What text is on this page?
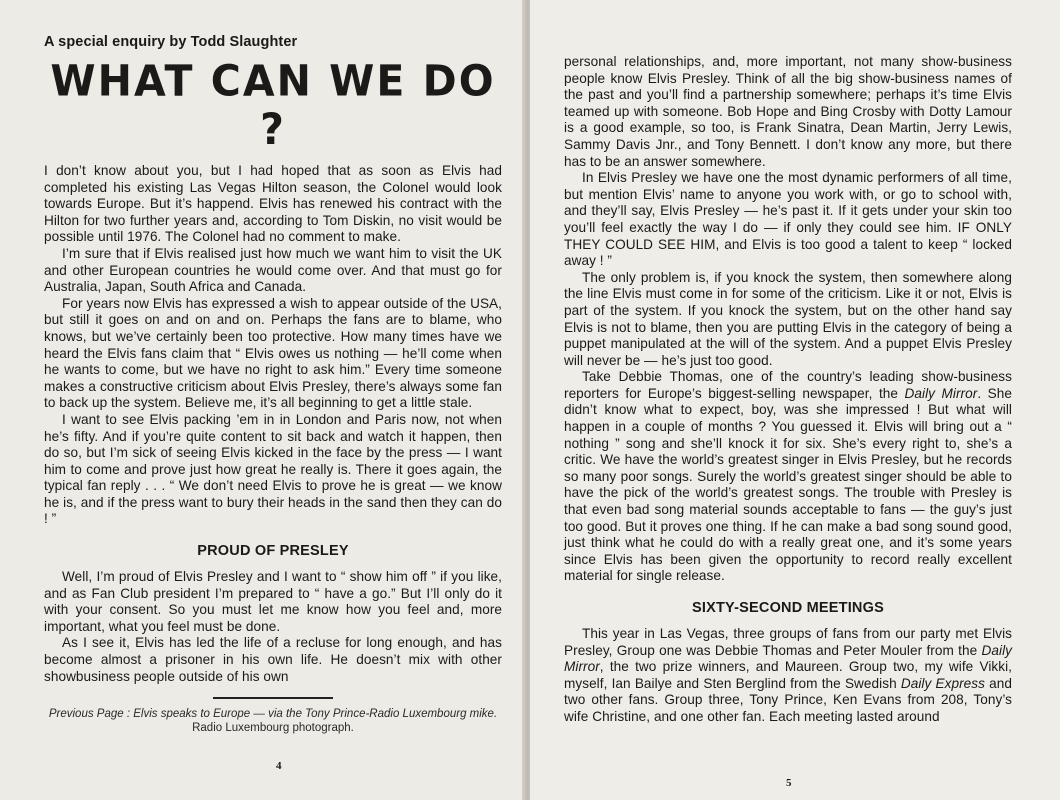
A special enquiry by Todd Slaughter
WHAT CAN WE DO ?

I don’t know about you, but I had hoped that as soon as Elvis had completed his existing Las Vegas Hilton season, the Colonel would look towards Europe. But it’s happend. Elvis has renewed his contract with the Hilton for two further years and, according to Tom Diskin, no visit would be possible until 1976. The Colonel had no comment to make.

I’m sure that if Elvis realised just how much we want him to visit the UK and other European countries he would come over. And that must go for Australia, Japan, South Africa and Canada.

For years now Elvis has expressed a wish to appear outside of the USA, but still it goes on and on and on. Perhaps the fans are to blame, who knows, but we’ve certainly been too protective. How many times have we heard the Elvis fans claim that “ Elvis owes us nothing — he’ll come when he wants to come, but we have no right to ask him.” Every time someone makes a constructive criticism about Elvis Presley, there’s always some fan to back up the system. Believe me, it’s all beginning to get a little stale.

I want to see Elvis packing ’em in in London and Paris now, not when he’s fifty. And if you’re quite content to sit back and watch it happen, then do so, but I’m sick of seeing Elvis kicked in the face by the press — I want him to come and prove just how great he really is. There it goes again, the typical fan reply . . . “ We don’t need Elvis to prove he is great — we know he is, and if the press want to bury their heads in the sand then they can do ! ”

PROUD OF PRESLEY

Well, I’m proud of Elvis Presley and I want to “ show him off ” if you like, and as Fan Club president I’m prepared to “ have a go.” But I’ll only do it with your consent. So you must let me know how you feel and, more important, what you feel must be done.

As I see it, Elvis has led the life of a recluse for long enough, and has become almost a prisoner in his own life. He doesn’t mix with other showbusiness people outside of his own

Previous Page : Elvis speaks to Europe — via the Tony Prince-Radio Luxembourg mike. Radio Luxembourg photograph.
4

personal relationships, and, more important, not many show-business people know Elvis Presley. Think of all the big show-business names of the past and you’ll find a partnership somewhere; perhaps it’s time Elvis teamed up with someone. Bob Hope and Bing Crosby with Dotty Lamour is a good example, so too, is Frank Sinatra, Dean Martin, Jerry Lewis, Sammy Davis Jnr., and Tony Bennett. I don’t know any more, but there has to be an answer somewhere.

In Elvis Presley we have one the most dynamic performers of all time, but mention Elvis’ name to anyone you work with, or go to school with, and they’ll say, Elvis Presley — he’s past it. If it gets under your skin too you’ll feel exactly the way I do — if only they could see him. IF ONLY THEY COULD SEE HIM, and Elvis is too good a talent to keep “ locked away ! ”

The only problem is, if you knock the system, then somewhere along the line Elvis must come in for some of the criticism. Like it or not, Elvis is part of the system. If you knock the system, but on the other hand say Elvis is not to blame, then you are putting Elvis in the category of being a puppet manipulated at the will of the system. And a puppet Elvis Presley will never be — he’s just too good.

Take Debbie Thomas, one of the country’s leading show-business reporters for Europe’s biggest-selling newspaper, the Daily Mirror. She didn’t know what to expect, boy, was she impressed ! But what will happen in a couple of months ? You guessed it. Elvis will bring out a “ nothing ” song and she’ll knock it for six. She’s every right to, she’s a critic. We have the world’s greatest singer in Elvis Presley, but he records so many poor songs. Surely the world’s greatest singer should be able to have the pick of the world’s greatest songs. The trouble with Presley is that even bad song material sounds acceptable to fans — the guy’s just too good. But it proves one thing. If he can make a bad song sound good, just think what he could do with a really great one, and it’s some years since Elvis has been given the opportunity to record really excellent material for single release.

SIXTY-SECOND MEETINGS

This year in Las Vegas, three groups of fans from our party met Elvis Presley, Group one was Debbie Thomas and Peter Mouler from the Daily Mirror, the two prize winners, and Maureen. Group two, my wife Vikki, myself, Ian Bailye and Sten Berglind from the Swedish Daily Express and two other fans. Group three, Tony Prince, Ken Evans from 208, Tony’s wife Christine, and one other fan. Each meeting lasted around

5
